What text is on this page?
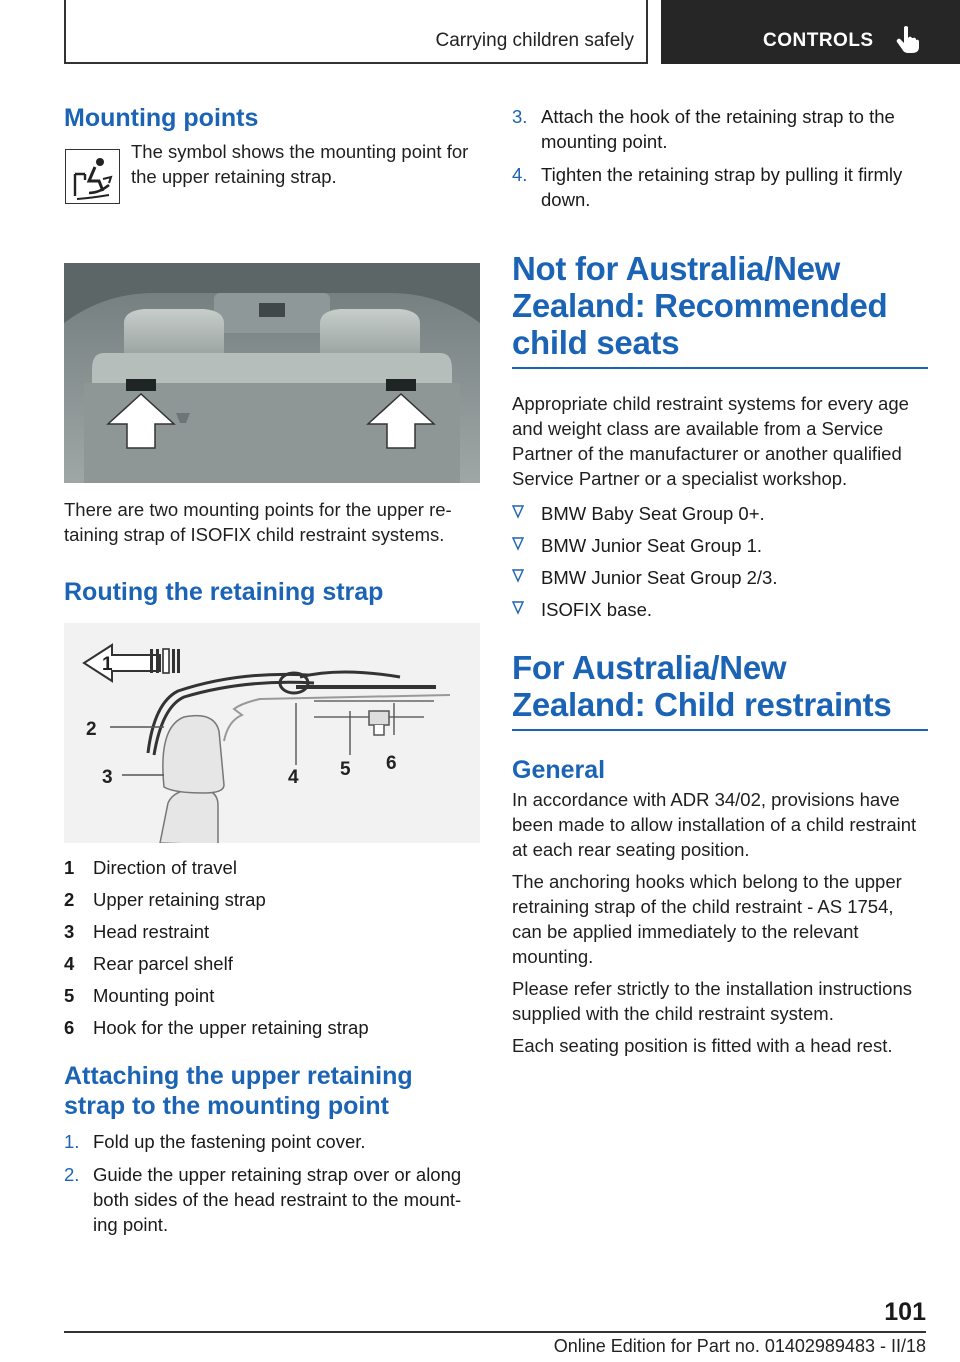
Carrying children safely	CONTROLS
Mounting points
The symbol shows the mounting point for the upper retaining strap.
There are two mounting points for the upper re-taining strap of ISOFIX child restraint systems.
Routing the retaining strap
1
2
3	4 5 6
1 Direction of travel
2 Upper retaining strap
3 Head restraint
4 Rear parcel shelf
5 Mounting point
6 Hook for the upper retaining strap
Attaching the upper retaining strap to the mounting point
1. Fold up the fastening point cover.
2. Guide the upper retaining strap over or along both sides of the head restraint to the mount-ing point.
3. Attach the hook of the retaining strap to the mounting point.
4. Tighten the retaining strap by pulling it firmly down.
Not for Australia/New Zealand: Recommended child seats
Appropriate child restraint systems for every age and weight class are available from a Service Partner of the manufacturer or another qualified Service Partner or a specialist workshop.
BMW Baby Seat Group 0+.
BMW Junior Seat Group 1.
BMW Junior Seat Group 2/3.
ISOFIX base.
For Australia/New Zealand: Child restraints
General
In accordance with ADR 34/02, provisions have been made to allow installation of a child restraint at each rear seating position.
The anchoring hooks which belong to the upper retraining strap of the child restraint - AS 1754, can be applied immediately to the relevant mounting.
Please refer strictly to the installation instructions supplied with the child restraint system.
Each seating position is fitted with a head rest.
101
Online Edition for Part no. 01402989483 - II/18
